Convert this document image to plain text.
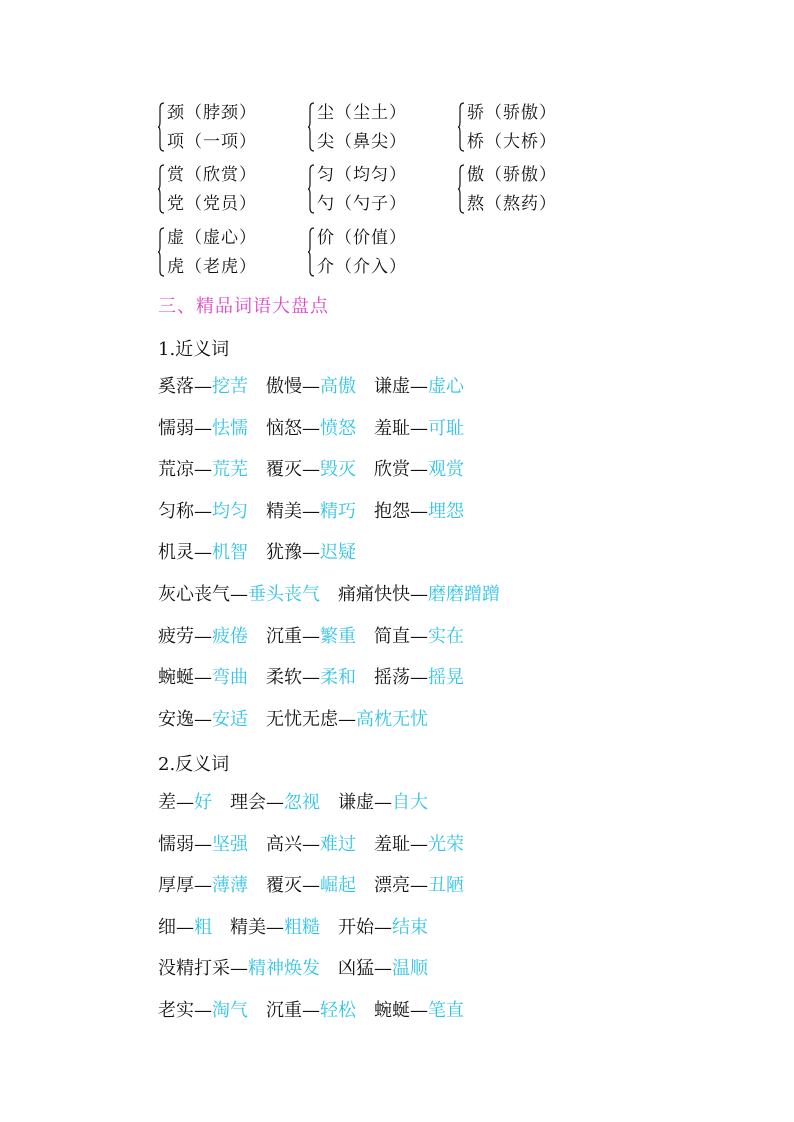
颈（脖颈）
项（一项）
尘（尘土）
尖（鼻尖）
骄（骄傲）
桥（大桥）
赏（欣赏）
党（党员）
匀（均匀）
勺（勺子）
傲（骄傲）
熬（熬药）
虚（虚心）
虎（老虎）
价（价值）
介（介入）
三、精品词语大盘点
1.近义词
奚落—挖苦 傲慢—高傲 谦虚—虚心
懦弱—怯懦 恼怒—愤怒 羞耻—可耻
荒凉—荒芜 覆灭—毁灭 欣赏—观赏
匀称—均匀 精美—精巧 抱怨—埋怨
机灵—机智 犹豫—迟疑
灰心丧气—垂头丧气 痛痛快快—磨磨蹭蹭
疲劳—疲倦 沉重—繁重 简直—实在
蜿蜒—弯曲 柔软—柔和 摇荡—摇晃
安逸—安适 无忧无虑—高枕无忧
2.反义词
差—好 理会—忽视 谦虚—自大
懦弱—坚强 高兴—难过 羞耻—光荣
厚厚—薄薄 覆灭—崛起 漂亮—丑陋
细—粗 精美—粗糙 开始—结束
没精打采—精神焕发 凶猛—温顺
老实—淘气 沉重—轻松 蜿蜒—笔直
